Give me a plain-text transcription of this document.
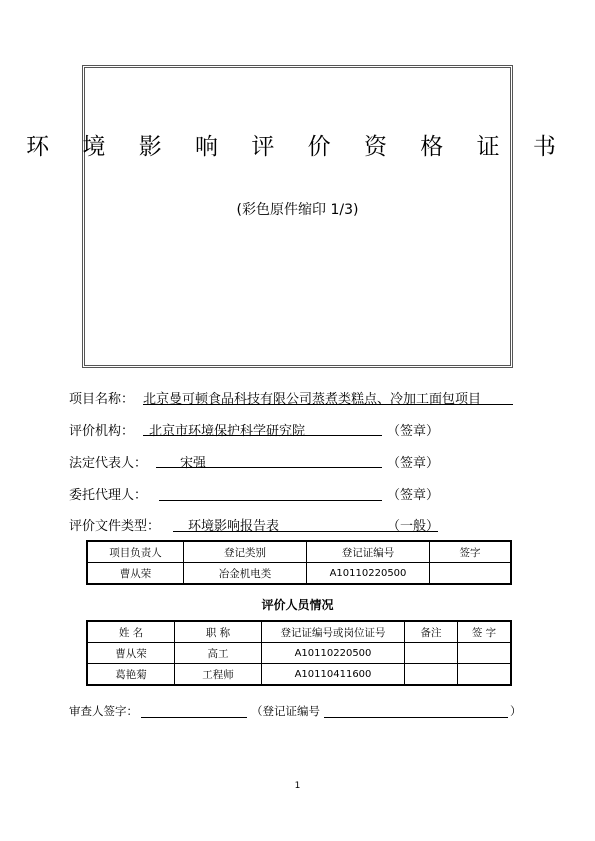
环 境 影 响 评 价 资 格 证 书
(彩色原件缩印 1/3)
项目名称： 北京曼可顿食品科技有限公司蒸煮类糕点、冷加工面包项目
评价机构：	北京市环境保护科学研究院	（签章）
法定代表人：	宋强	（签章）
委托代理人：	（签章）
评价文件类型： 环境影响报告表	（一般）
项目负责人	登记类别	登记证编号	签字
曹从荣	冶金机电类	A10110220500	
评价人员情况
姓 名	职 称	登记证编号或岗位证号	备注	签 字
曹从荣	高工	A10110220500		
葛艳菊	工程师	A10110411600		
审查人签字：	（登记证编号	）
1
